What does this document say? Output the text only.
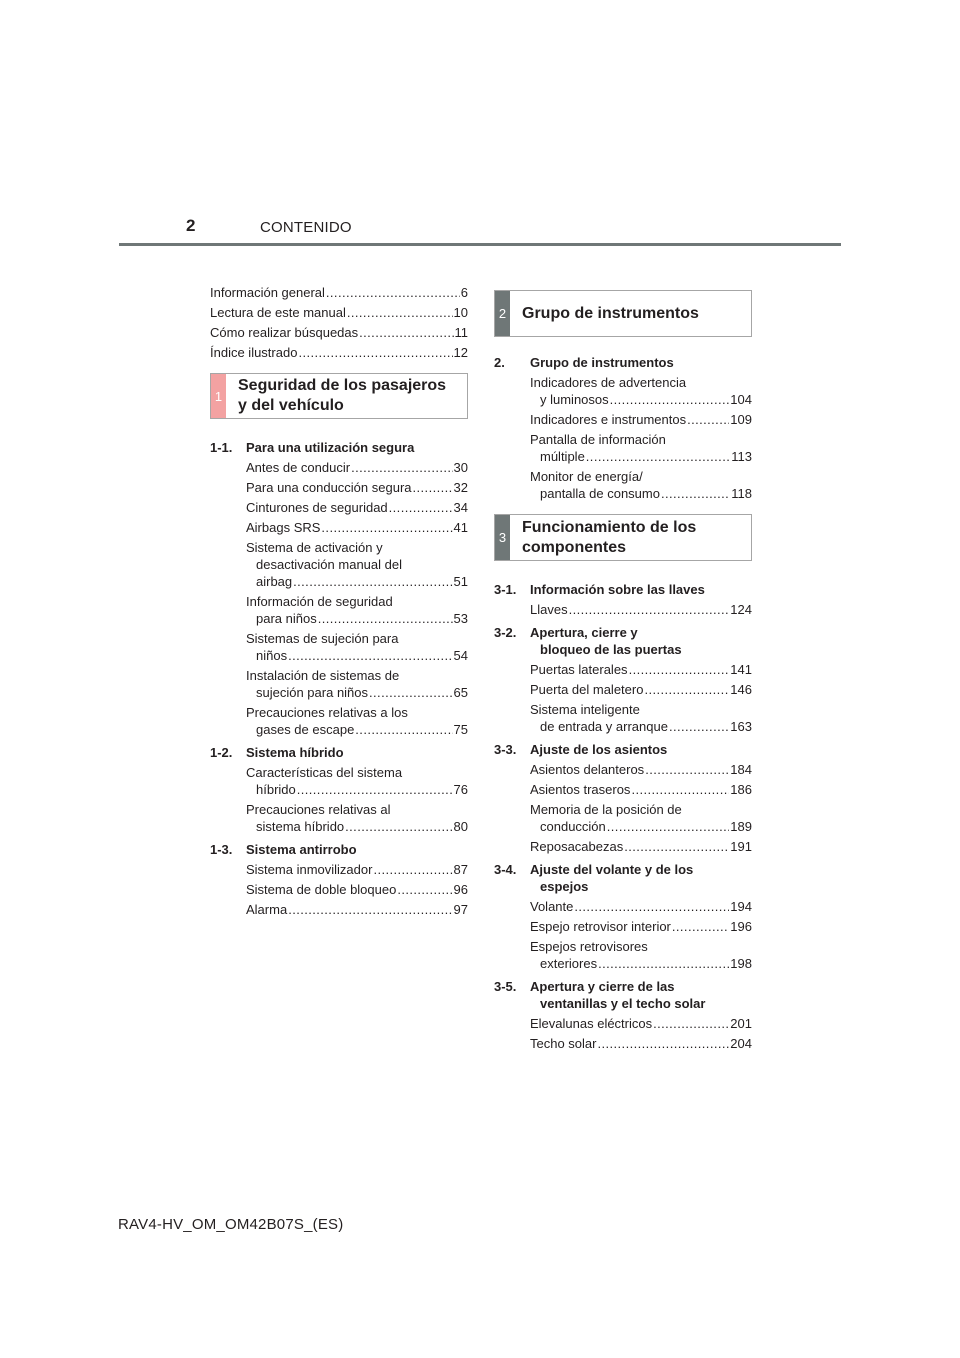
2	CONTENIDO
Información general .....	6
Lectura de este manual .....	10
Cómo realizar búsquedas .....	11
Índice ilustrado .....	12
1
Seguridad de los pasajeros
y del vehículo
1-1.	Para una utilización segura
Antes de conducir .....	30
Para una conducción segura .....	32
Cinturones de seguridad .....	34
Airbags SRS .....	41
Sistema de activación y
desactivación manual del
airbag .....	51
Información de seguridad
para niños .....	53
Sistemas de sujeción para
niños .....	54
Instalación de sistemas de
sujeción para niños .....	65
Precauciones relativas a los
gases de escape .....	75
1-2.	Sistema híbrido
Características del sistema
híbrido .....	76
Precauciones relativas al
sistema híbrido .....	80
1-3.	Sistema antirrobo
Sistema inmovilizador .....	87
Sistema de doble bloqueo .....	96
Alarma .....	97
2 Grupo de instrumentos
2.	Grupo de instrumentos
Indicadores de advertencia
y luminosos .....	104
Indicadores e instrumentos .....	109
Pantalla de información
múltiple .....	113
Monitor de energía/
pantalla de consumo .....	118
3
Funcionamiento de los
componentes
3-1.	Información sobre las llaves
Llaves .....	124
3-2.	Apertura, cierre y
bloqueo de las puertas
Puertas laterales .....	141
Puerta del maletero .....	146
Sistema inteligente
de entrada y arranque .....	163
3-3.	Ajuste de los asientos
Asientos delanteros .....	184
Asientos traseros .....	186
Memoria de la posición de
conducción .....	189
Reposacabezas .....	191
3-4.	Ajuste del volante y de los
espejos
Volante .....	194
Espejo retrovisor interior .....	196
Espejos retrovisores
exteriores .....	198
3-5.	Apertura y cierre de las
ventanillas y el techo solar
Elevalunas eléctricos .....	201
Techo solar .....	204
RAV4-HV_OM_OM42B07S_(ES)
